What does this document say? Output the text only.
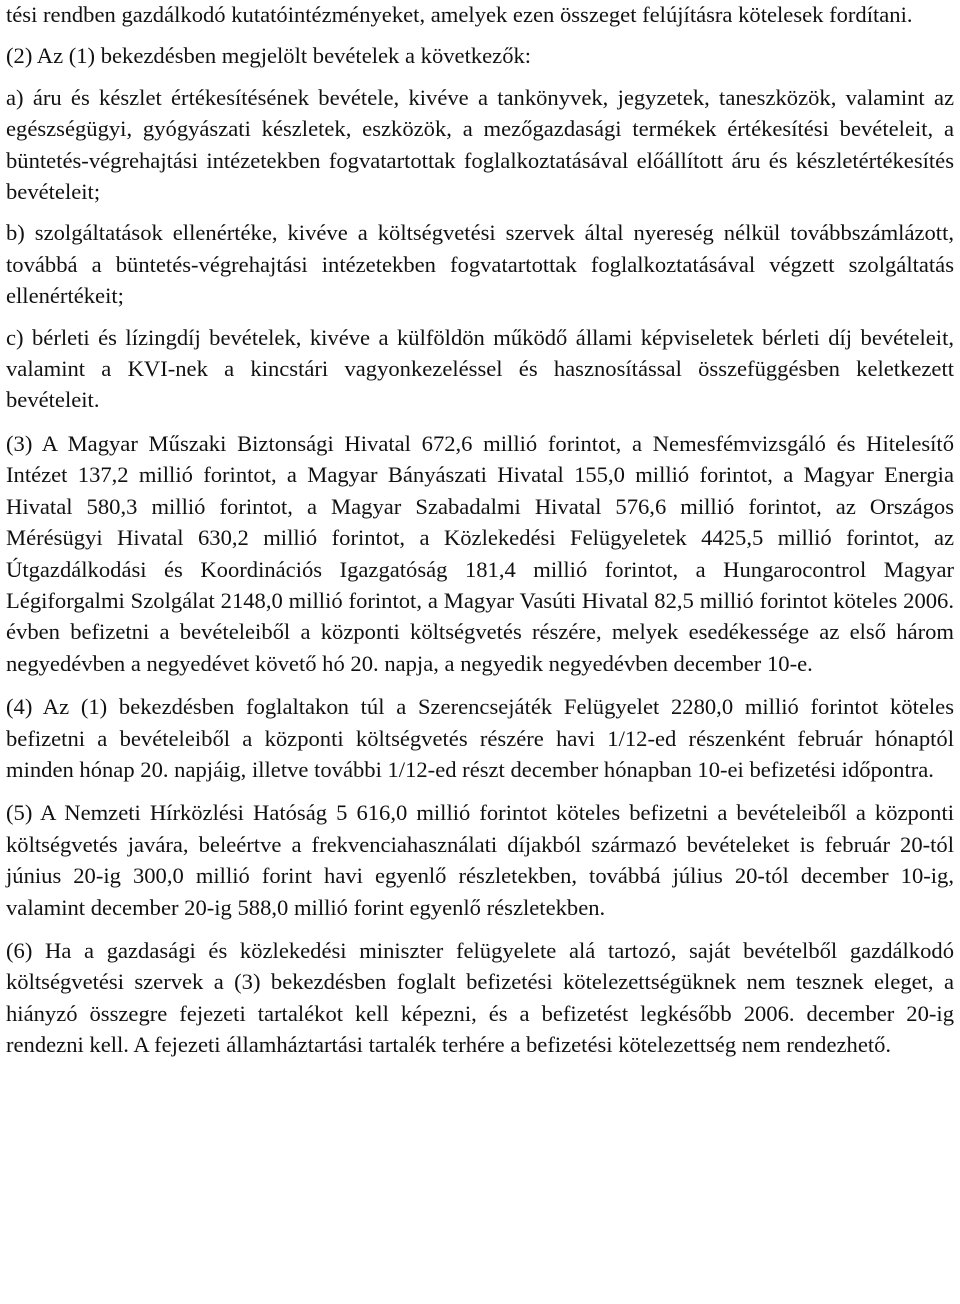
tési rendben gazdálkodó kutatóintézményeket, amelyek ezen összeget felújításra kötelesek fordítani.

(2) Az (1) bekezdésben megjelölt bevételek a következők:

a) áru és készlet értékesítésének bevétele, kivéve a tankönyvek, jegyzetek, taneszközök, valamint az egészségügyi, gyógyászati készletek, eszközök, a mezőgazdasági termékek értékesítési bevételeit, a büntetés-végrehajtási intézetekben fogvatartottak foglalkoztatásával előállított áru és készletértékesítés bevételeit;

b) szolgáltatások ellenértéke, kivéve a költségvetési szervek által nyereség nélkül továbbszámlázott, továbbá a büntetés-végrehajtási intézetekben fogvatartottak foglalkoztatásával végzett szolgáltatás ellenértékeit;

c) bérleti és lízingdíj bevételek, kivéve a külföldön működő állami képviseletek bérleti díj bevételeit, valamint a KVI-nek a kincstári vagyonkezeléssel és hasznosítással összefüggésben keletkezett bevételeit.

(3) A Magyar Műszaki Biztonsági Hivatal 672,6 millió forintot, a Nemesfémvizsgáló és Hitelesítő Intézet 137,2 millió forintot, a Magyar Bányászati Hivatal 155,0 millió forintot, a Magyar Energia Hivatal 580,3 millió forintot, a Magyar Szabadalmi Hivatal 576,6 millió forintot, az Országos Mérésügyi Hivatal 630,2 millió forintot, a Közlekedési Felügyeletek 4425,5 millió forintot, az Útgazdálkodási és Koordinációs Igazgatóság 181,4 millió forintot, a Hungarocontrol Magyar Légiforgalmi Szolgálat 2148,0 millió forintot, a Magyar Vasúti Hivatal 82,5 millió forintot köteles 2006. évben befizetni a bevételeiből a központi költségvetés részére, melyek esedékessége az első három negyedévben a negyedévet követő hó 20. napja, a negyedik negyedévben december 10-e.

(4) Az (1) bekezdésben foglaltakon túl a Szerencsejáték Felügyelet 2280,0 millió forintot köteles befizetni a bevételeiből a központi költségvetés részére havi 1/12-ed részenként február hónaptól minden hónap 20. napjáig, illetve további 1/12-ed részt december hónapban 10-ei befizetési időpontra.

(5) A Nemzeti Hírközlési Hatóság 5 616,0 millió forintot köteles befizetni a bevételeiből a központi költségvetés javára, beleértve a frekvenciahasználati díjakból származó bevételeket is február 20-tól június 20-ig 300,0 millió forint havi egyenlő részletekben, továbbá július 20-tól december 10-ig, valamint december 20-ig 588,0 millió forint egyenlő részletekben.

(6) Ha a gazdasági és közlekedési miniszter felügyelete alá tartozó, saját bevételből gazdálkodó költségvetési szervek a (3) bekezdésben foglalt befizetési kötelezettségüknek nem tesznek eleget, a hiányzó összegre fejezeti tartalékot kell képezni, és a befizetést legkésőbb 2006. december 20-ig rendezni kell. A fejezeti államháztartási tartalék terhére a befizetési kötelezettség nem rendezhető.
